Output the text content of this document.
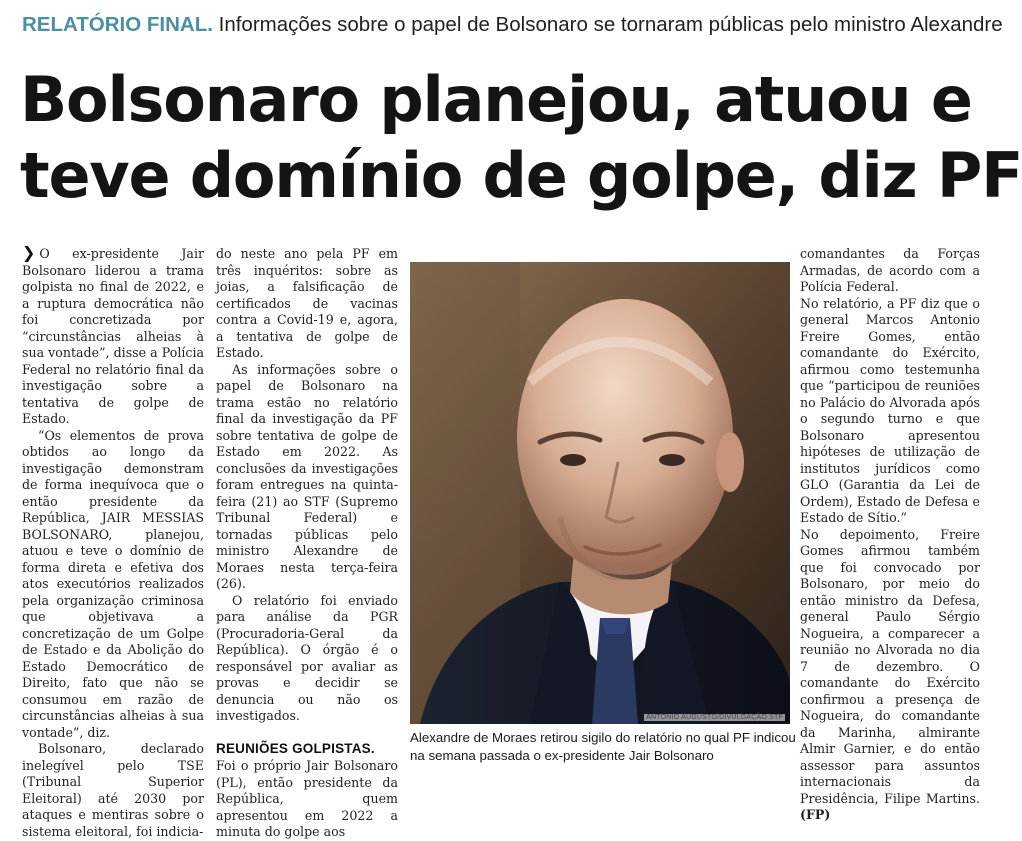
RELATÓRIO FINAL. Informações sobre o papel de Bolsonaro se tornaram públicas pelo ministro Alexandre
Bolsonaro planejou, atuou e
teve domínio de golpe, diz PF

❯ O ex-presidente Jair Bolsonaro liderou a trama golpista no final de 2022, e a ruptura democrática não foi concretizada por “circunstâncias alheias à sua vontade”, disse a Polícia Federal no relatório final da investigação sobre a tentativa de golpe de Estado.

“Os elementos de prova obtidos ao longo da investigação demonstram de forma inequívoca que o então presidente da República, JAIR MESSIAS BOLSONARO, planejou, atuou e teve o domínio de forma direta e efetiva dos atos executórios realizados pela organização criminosa que objetivava a concretização de um Golpe de Estado e da Abolição do Estado Democrático de Direito, fato que não se consumou em razão de circunstâncias alheias à sua vontade”, diz.

Bolsonaro, declarado inelegível pelo TSE (Tribunal Superior Eleitoral) até 2030 por ataques e mentiras sobre o sistema eleitoral, foi indicia-

do neste ano pela PF em três inquéritos: sobre as joias, a falsificação de certificados de vacinas contra a Covid-19 e, agora, a tentativa de golpe de Estado.

As informações sobre o papel de Bolsonaro na trama estão no relatório final da investigação da PF sobre tentativa de golpe de Estado em 2022. As conclusões da investigações foram entregues na quinta-feira (21) ao STF (Supremo Tribunal Federal) e tornadas públicas pelo ministro Alexandre de Moraes nesta terça-feira (26).

O relatório foi enviado para análise da PGR (Procuradoria-Geral da República). O órgão é o responsável por avaliar as provas e decidir se denuncia ou não os investigados.

REUNIÕES GOLPISTAS.

Foi o próprio Jair Bolsonaro (PL), então presidente da República, quem apresentou em 2022 a minuta do golpe aos

ANTONIO AUGUSTO/DIVULGAÇÃO STF
Alexandre de Moraes retirou sigilo do relatório no qual PF indicou na semana passada o ex-presidente Jair Bolsonaro

comandantes da Forças Armadas, de acordo com a Polícia Federal.

No relatório, a PF diz que o general Marcos Antonio Freire Gomes, então comandante do Exército, afirmou como testemunha que “participou de reuniões no Palácio do Alvorada após o segundo turno e que Bolsonaro apresentou hipóteses de utilização de institutos jurídicos como GLO (Garantia da Lei de Ordem), Estado de Defesa e Estado de Sítio.”

No depoimento, Freire Gomes afirmou também que foi convocado por Bolsonaro, por meio do então ministro da Defesa, general Paulo Sérgio Nogueira, a comparecer a reunião no Alvorada no dia 7 de dezembro. O comandante do Exército confirmou a presença de Nogueira, do comandante da Marinha, almirante Almir Garnier, e do então assessor para assuntos internacionais da Presidência, Filipe Martins. (FP)
